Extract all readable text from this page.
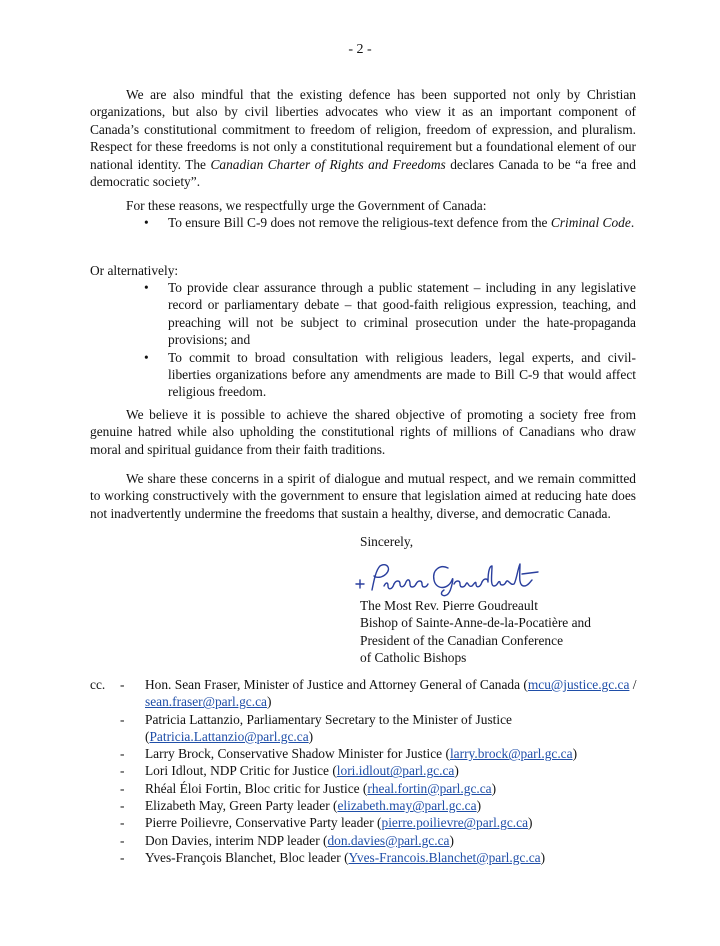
- 2 -

We are also mindful that the existing defence has been supported not only by Christian organizations, but also by civil liberties advocates who view it as an important component of Canada’s constitutional commitment to freedom of religion, freedom of expression, and pluralism. Respect for these freedoms is not only a constitutional requirement but a foundational element of our national identity. The Canadian Charter of Rights and Freedoms declares Canada to be “a free and democratic society”.

For these reasons, we respectfully urge the Government of Canada:

• To ensure Bill C-9 does not remove the religious-text defence from the Criminal Code.

Or alternatively:

• To provide clear assurance through a public statement – including in any legislative record or parliamentary debate – that good-faith religious expression, teaching, and preaching will not be subject to criminal prosecution under the hate-propaganda provisions; and
• To commit to broad consultation with religious leaders, legal experts, and civil-liberties organizations before any amendments are made to Bill C-9 that would affect religious freedom.

We believe it is possible to achieve the shared objective of promoting a society free from genuine hatred while also upholding the constitutional rights of millions of Canadians who draw moral and spiritual guidance from their faith traditions.

We share these concerns in a spirit of dialogue and mutual respect, and we remain committed to working constructively with the government to ensure that legislation aimed at reducing hate does not inadvertently undermine the freedoms that sustain a healthy, diverse, and democratic Canada.

Sincerely,
The Most Rev. Pierre Goudreault
Bishop of Sainte-Anne-de-la-Pocatière and
President of the Canadian Conference
of Catholic Bishops
cc. - Hon. Sean Fraser, Minister of Justice and Attorney General of Canada (mcu@justice.gc.ca / sean.fraser@parl.gc.ca)
- Patricia Lattanzio, Parliamentary Secretary to the Minister of Justice (Patricia.Lattanzio@parl.gc.ca)
- Larry Brock, Conservative Shadow Minister for Justice (larry.brock@parl.gc.ca)
- Lori Idlout, NDP Critic for Justice (lori.idlout@parl.gc.ca)
- Rhéal Éloi Fortin, Bloc critic for Justice (rheal.fortin@parl.gc.ca)
- Elizabeth May, Green Party leader (elizabeth.may@parl.gc.ca)
- Pierre Poilievre, Conservative Party leader (pierre.poilievre@parl.gc.ca)
- Don Davies, interim NDP leader (don.davies@parl.gc.ca)
- Yves-François Blanchet, Bloc leader (Yves-Francois.Blanchet@parl.gc.ca)
